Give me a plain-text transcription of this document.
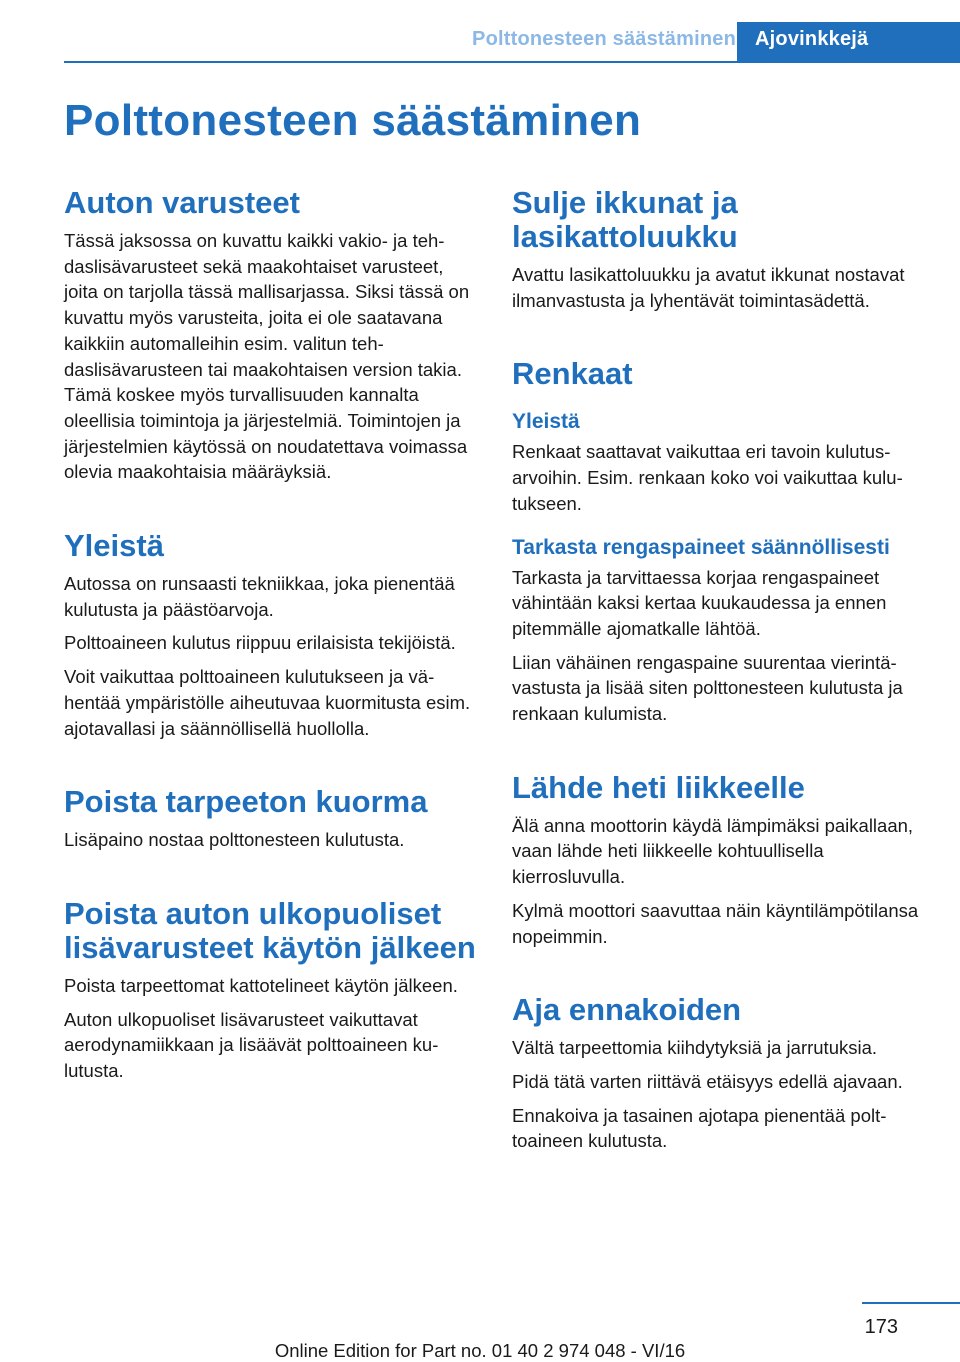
Polttonesteen säästäminen Ajovinkkejä
Polttonesteen säästäminen
Auton varusteet

Tässä jaksossa on kuvattu kaikki vakio- ja tehdaslisävarusteet sekä maakohtaiset varusteet, joita on tarjolla tässä mallisarjassa. Siksi tässä on kuvattu myös varusteita, joita ei ole saatavana kaikkiin automalleihin esim. valitun tehdaslisävarusteen tai maakohtaisen version takia. Tämä koskee myös turvallisuuden kannalta oleellisia toimintoja ja järjestelmiä. Toimintojen ja järjestelmien käytössä on noudatettava voimassa olevia maakohtaisia määräyksiä.

Yleistä

Autossa on runsaasti tekniikkaa, joka pienentää kulutusta ja päästöarvoja.

Polttoaineen kulutus riippuu erilaisista tekijöistä.

Voit vaikuttaa polttoaineen kulutukseen ja vähentää ympäristölle aiheutuvaa kuormitusta esim. ajotavallasi ja säännöllisellä huollolla.

Poista tarpeeton kuorma

Lisäpaino nostaa polttonesteen kulutusta.

Poista auton ulkopuoliset lisävarusteet käytön jälkeen

Poista tarpeettomat kattotelineet käytön jälkeen.

Auton ulkopuoliset lisävarusteet vaikuttavat aerodynamiikkaan ja lisäävät polttoaineen kulutusta.

Sulje ikkunat ja lasikattoluukku

Avattu lasikattoluukku ja avatut ikkunat nostavat ilmanvastusta ja lyhentävät toimintasädettä.

Renkaat
Yleistä

Renkaat saattavat vaikuttaa eri tavoin kulutusarvoihin. Esim. renkaan koko voi vaikuttaa kulutukseen.

Tarkasta rengaspaineet säännöllisesti

Tarkasta ja tarvittaessa korjaa rengaspaineet vähintään kaksi kertaa kuukaudessa ja ennen pitemmälle ajomatkalle lähtöä.

Liian vähäinen rengaspaine suurentaa vierintävastusta ja lisää siten polttonesteen kulutusta ja renkaan kulumista.

Lähde heti liikkeelle

Älä anna moottorin käydä lämpimäksi paikallaan, vaan lähde heti liikkeelle kohtuullisella kierrosluvulla.

Kylmä moottori saavuttaa näin käyntilämpötilansa nopeimmin.

Aja ennakoiden

Vältä tarpeettomia kiihdytyksiä ja jarrutuksia.

Pidä tätä varten riittävä etäisyys edellä ajavaan.

Ennakoiva ja tasainen ajotapa pienentää polttoaineen kulutusta.

173
Online Edition for Part no. 01 40 2 974 048 - VI/16
